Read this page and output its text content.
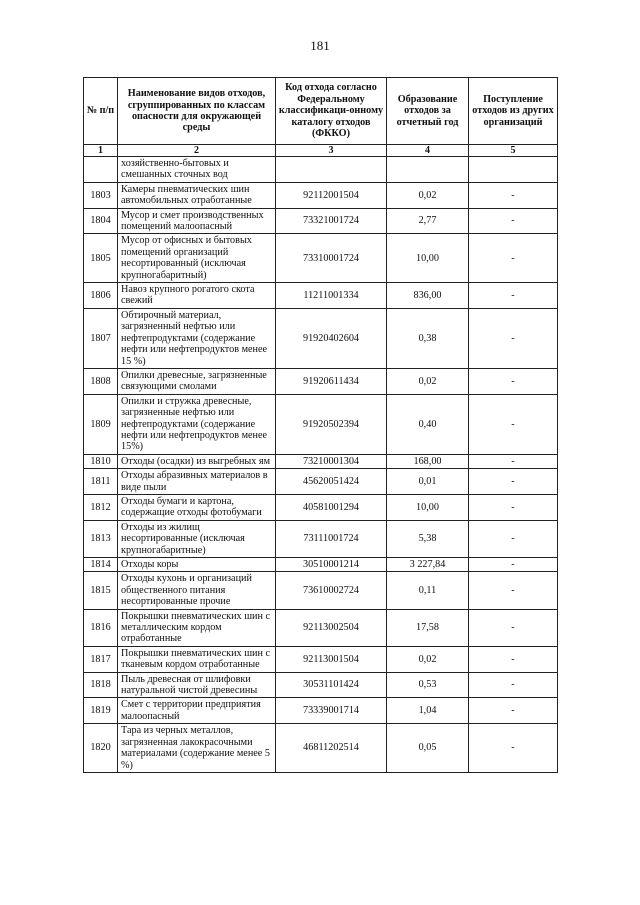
181
№ п/п	Наименование видов отходов, сгруппированных по классам опасности для окружающей среды	Код отхода согласно Федеральному классификаци-онному каталогу отходов (ФККО)	Образование отходов за отчетный год	Поступление отходов из других организаций
1	2	3	4	5
	хозяйственно-бытовых и смешанных сточных вод			
1803	Камеры пневматических шин автомобильных отработанные	92112001504	0,02	-
1804	Мусор и смет производственных помещений малоопасный	73321001724	2,77	-
1805	Мусор от офисных и бытовых помещений организаций несортированный (исключая крупногабаритный)	73310001724	10,00	-
1806	Навоз крупного рогатого скота свежий	11211001334	836,00	-
1807	Обтирочный материал, загрязненный нефтью или нефтепродуктами (содержание нефти или нефтепродуктов менее 15 %)	91920402604	0,38	-
1808	Опилки древесные, загрязненные связующими смолами	91920611434	0,02	-
1809	Опилки и стружка древесные, загрязненные нефтью или нефтепродуктами (содержание нефти или нефтепродуктов менее 15%)	91920502394	0,40	-
1810	Отходы (осадки) из выгребных ям	73210001304	168,00	-
1811	Отходы абразивных материалов в виде пыли	45620051424	0,01	-
1812	Отходы бумаги и картона, содержащие отходы фотобумаги	40581001294	10,00	-
1813	Отходы из жилищ несортированные (исключая крупногабаритные)	73111001724	5,38	-
1814	Отходы коры	30510001214	3 227,84	-
1815	Отходы кухонь и организаций общественного питания несортированные прочие	73610002724	0,11	-
1816	Покрышки пневматических шин с металлическим кордом отработанные	92113002504	17,58	-
1817	Покрышки пневматических шин с тканевым кордом отработанные	92113001504	0,02	-
1818	Пыль древесная от шлифовки натуральной чистой древесины	30531101424	0,53	-
1819	Смет с территории предприятия малоопасный	73339001714	1,04	-
1820	Тара из черных металлов, загрязненная лакокрасочными материалами (содержание менее 5 %)	46811202514	0,05	-
